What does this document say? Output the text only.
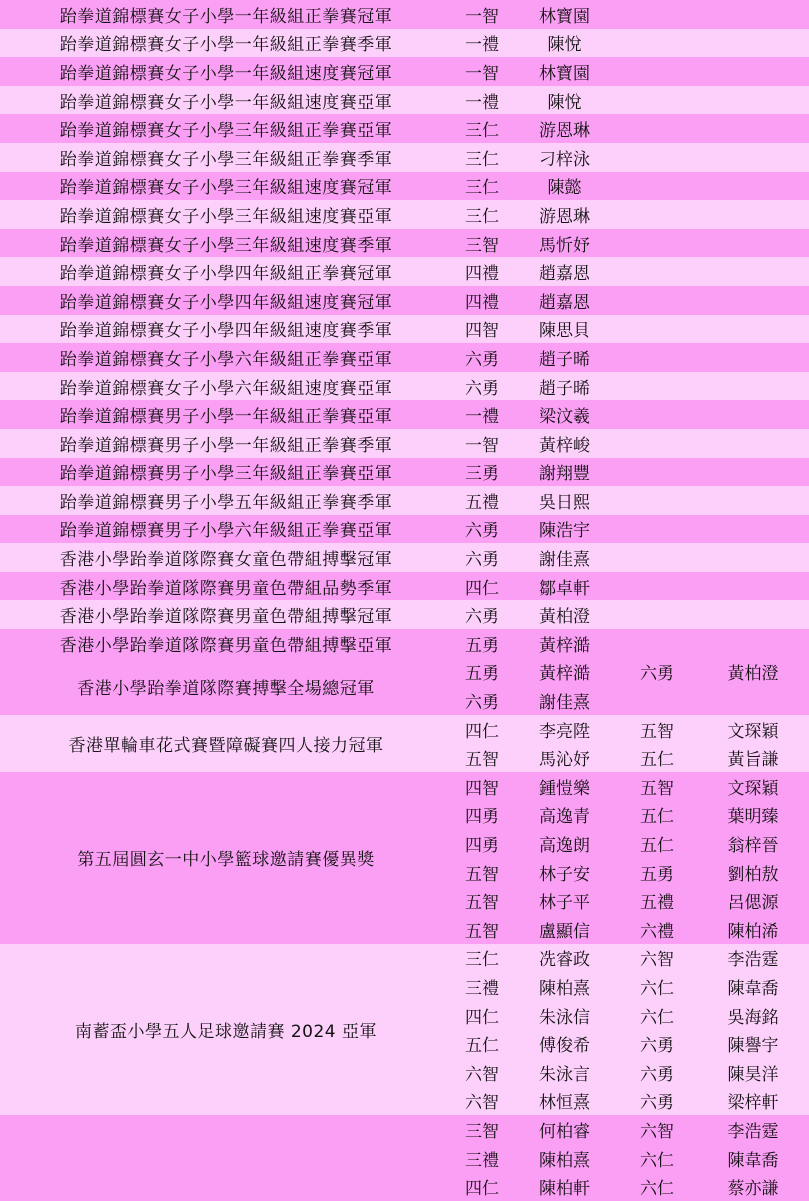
跆拳道錦標賽女子小學一年級組正拳賽冠軍	一智	林寶園		
跆拳道錦標賽女子小學一年級組正拳賽季軍	一禮	陳悅		
跆拳道錦標賽女子小學一年級組速度賽冠軍	一智	林寶園		
跆拳道錦標賽女子小學一年級組速度賽亞軍	一禮	陳悅		
跆拳道錦標賽女子小學三年級組正拳賽亞軍	三仁	游恩琳		
跆拳道錦標賽女子小學三年級組正拳賽季軍	三仁	刁梓泳		
跆拳道錦標賽女子小學三年級組速度賽冠軍	三仁	陳懿		
跆拳道錦標賽女子小學三年級組速度賽亞軍	三仁	游恩琳		
跆拳道錦標賽女子小學三年級組速度賽季軍	三智	馬忻妤		
跆拳道錦標賽女子小學四年級組正拳賽冠軍	四禮	趙嘉恩		
跆拳道錦標賽女子小學四年級組速度賽冠軍	四禮	趙嘉恩		
跆拳道錦標賽女子小學四年級組速度賽季軍	四智	陳思貝		
跆拳道錦標賽女子小學六年級組正拳賽亞軍	六勇	趙子晞		
跆拳道錦標賽女子小學六年級組速度賽亞軍	六勇	趙子晞		
跆拳道錦標賽男子小學一年級組正拳賽亞軍	一禮	梁汶羲		
跆拳道錦標賽男子小學一年級組正拳賽季軍	一智	黃梓峻		
跆拳道錦標賽男子小學三年級組正拳賽亞軍	三勇	謝翔豐		
跆拳道錦標賽男子小學五年級組正拳賽季軍	五禮	吳日熙		
跆拳道錦標賽男子小學六年級組正拳賽亞軍	六勇	陳浩宇		
香港小學跆拳道隊際賽女童色帶組搏擊冠軍	六勇	謝佳熹		
香港小學跆拳道隊際賽男童色帶組品勢季軍	四仁	鄒卓軒		
香港小學跆拳道隊際賽男童色帶組搏擊冠軍	六勇	黃柏澄		
香港小學跆拳道隊際賽男童色帶組搏擊亞軍	五勇	黃梓澔		
香港小學跆拳道隊際賽搏擊全場總冠軍	五勇	黃梓澔	六勇	黃柏澄
	六勇	謝佳熹		
香港單輪車花式賽暨障礙賽四人接力冠軍	四仁	李亮陞	五智	文琛穎
	五智	馬沁妤	五仁	黃旨謙
第五屆圓玄一中小學籃球邀請賽優異獎	四智	鍾愷樂	五智	文琛穎
	四勇	高逸青	五仁	葉明臻
	四勇	高逸朗	五仁	翁梓晉
	五智	林子安	五勇	劉柏敖
	五智	林子平	五禮	呂偲源
	五智	盧顯信	六禮	陳柏浠
南蓄盃小學五人足球邀請賽 2024 亞軍	三仁	冼睿政	六智	李浩霆
	三禮	陳柏熹	六仁	陳韋喬
	四仁	朱泳信	六仁	吳海銘
	五仁	傅俊希	六勇	陳譽宇
	六智	朱泳言	六勇	陳昊洋
	六智	林恒熹	六勇	梁梓軒
	三智	何柏睿	六智	李浩霆
	三禮	陳柏熹	六仁	陳韋喬
	四仁	陳柏軒	六仁	蔡亦謙
